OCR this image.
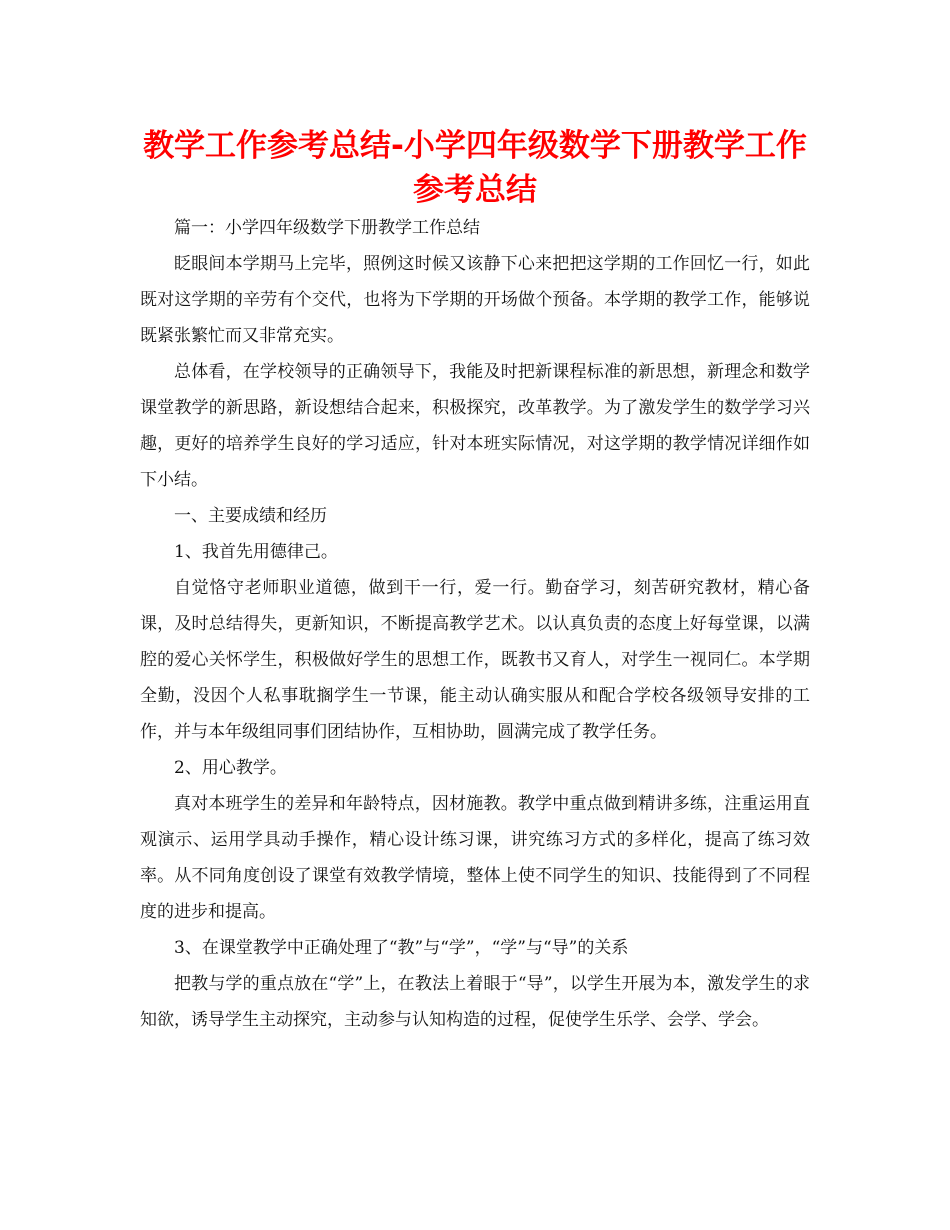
教学工作参考总结-小学四年级数学下册教学工作
参考总结

篇一：小学四年级数学下册教学工作总结

眨眼间本学期马上完毕，照例这时候又该静下心来把把这学期的工作回忆一行，如此既对这学期的辛劳有个交代，也将为下学期的开场做个预备。本学期的教学工作，能够说既紧张繁忙而又非常充实。

总体看，在学校领导的正确领导下，我能及时把新课程标准的新思想，新理念和数学课堂教学的新思路，新设想结合起来，积极探究，改革教学。为了激发学生的数学学习兴趣，更好的培养学生良好的学习适应，针对本班实际情况，对这学期的教学情况详细作如下小结。

一、主要成绩和经历

1、我首先用德律己。

自觉恪守老师职业道德，做到干一行，爱一行。勤奋学习，刻苦研究教材，精心备课，及时总结得失，更新知识，不断提高教学艺术。以认真负责的态度上好每堂课，以满腔的爱心关怀学生，积极做好学生的思想工作，既教书又育人，对学生一视同仁。本学期全勤，没因个人私事耽搁学生一节课，能主动认确实服从和配合学校各级领导安排的工作，并与本年级组同事们团结协作，互相协助，圆满完成了教学任务。

2、用心教学。

真对本班学生的差异和年龄特点，因材施教。教学中重点做到精讲多练，注重运用直观演示、运用学具动手操作，精心设计练习课，讲究练习方式的多样化，提高了练习效率。从不同角度创设了课堂有效教学情境，整体上使不同学生的知识、技能得到了不同程度的进步和提高。

3、在课堂教学中正确处理了“教”与“学”，“学”与“导”的关系

把教与学的重点放在“学”上，在教法上着眼于“导”，以学生开展为本，激发学生的求知欲，诱导学生主动探究，主动参与认知构造的过程，促使学生乐学、会学、学会。
